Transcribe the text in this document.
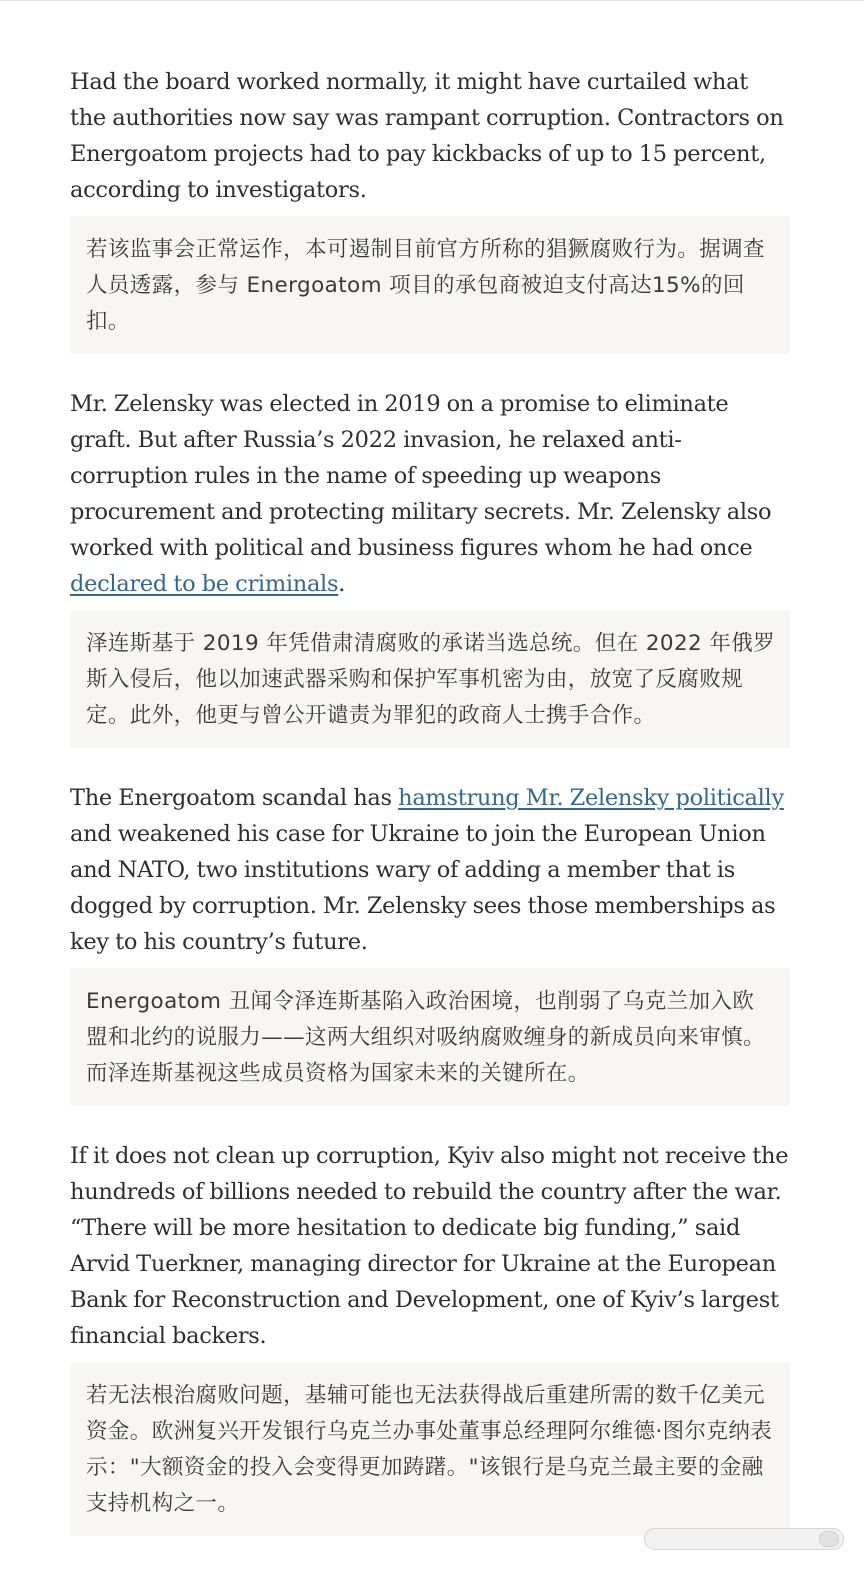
Had the board worked normally, it might have curtailed what the authorities now say was rampant corruption. Contractors on Energoatom projects had to pay kickbacks of up to 15 percent, according to investigators.

若该监事会正常运作，本可遏制目前官方所称的猖獗腐败行为。据调查人员透露，参与 Energoatom 项目的承包商被迫支付高达15%的回扣。

Mr. Zelensky was elected in 2019 on a promise to eliminate graft. But after Russia’s 2022 invasion, he relaxed anti-corruption rules in the name of speeding up weapons procurement and protecting military secrets. Mr. Zelensky also worked with political and business figures whom he had once declared to be criminals.

泽连斯基于 2019 年凭借肃清腐败的承诺当选总统。但在 2022 年俄罗斯入侵后，他以加速武器采购和保护军事机密为由，放宽了反腐败规定。此外，他更与曾公开谴责为罪犯的政商人士携手合作。

The Energoatom scandal has hamstrung Mr. Zelensky politically and weakened his case for Ukraine to join the European Union and NATO, two institutions wary of adding a member that is dogged by corruption. Mr. Zelensky sees those memberships as key to his country’s future.

Energoatom 丑闻令泽连斯基陷入政治困境，也削弱了乌克兰加入欧盟和北约的说服力——这两大组织对吸纳腐败缠身的新成员向来审慎。而泽连斯基视这些成员资格为国家未来的关键所在。

If it does not clean up corruption, Kyiv also might not receive the hundreds of billions needed to rebuild the country after the war. “There will be more hesitation to dedicate big funding,” said Arvid Tuerkner, managing director for Ukraine at the European Bank for Reconstruction and Development, one of Kyiv’s largest financial backers.

若无法根治腐败问题，基辅可能也无法获得战后重建所需的数千亿美元资金。欧洲复兴开发银行乌克兰办事处董事总经理阿尔维德·图尔克纳表示："大额资金的投入会变得更加踌躇。"该银行是乌克兰最主要的金融支持机构之一。
